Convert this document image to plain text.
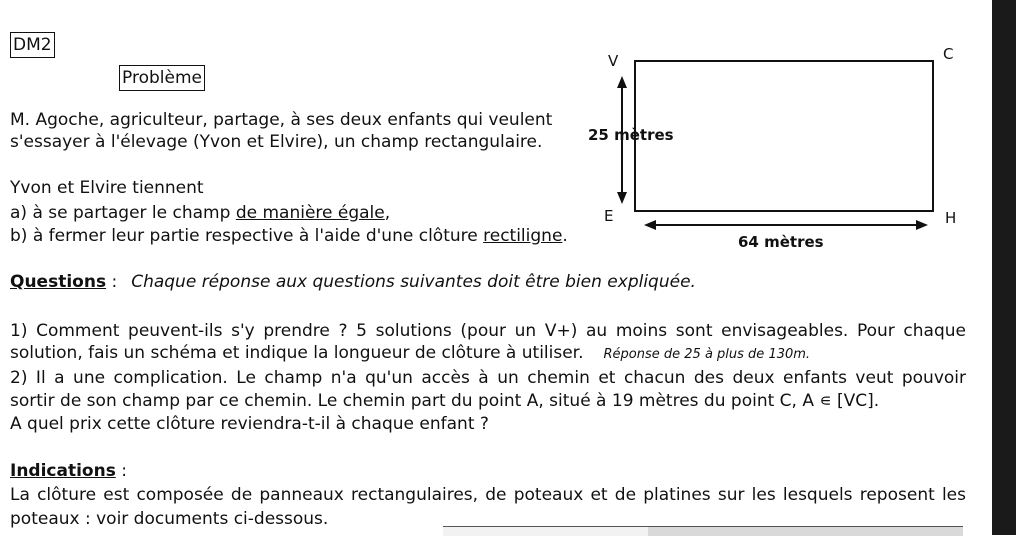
DM2
Problème
M. Agoche, agriculteur, partage, à ses deux enfants qui veulent
s'essayer à l'élevage (Yvon et Elvire), un champ rectangulaire.
Yvon et Elvire tiennent
a) à se partager le champ de manière égale,
b) à fermer leur partie respective à l'aide d'une clôture rectiligne.
V	C
E	H
25 mètres
64 mètres
Questions : Chaque réponse aux questions suivantes doit être bien expliquée.
1) Comment peuvent-ils s'y prendre ? 5 solutions (pour un V+) au moins sont envisageables. Pour chaque
solution, fais un schéma et indique la longueur de clôture à utiliser. Réponse de 25 à plus de 130m.
2) Il a une complication. Le champ n'a qu'un accès à un chemin et chacun des deux enfants veut pouvoir
sortir de son champ par ce chemin. Le chemin part du point A, situé à 19 mètres du point C, A ∊ [VC].
A quel prix cette clôture reviendra-t-il à chaque enfant ?
Indications :
La clôture est composée de panneaux rectangulaires, de poteaux et de platines sur les lesquels reposent les
poteaux : voir documents ci-dessous.
